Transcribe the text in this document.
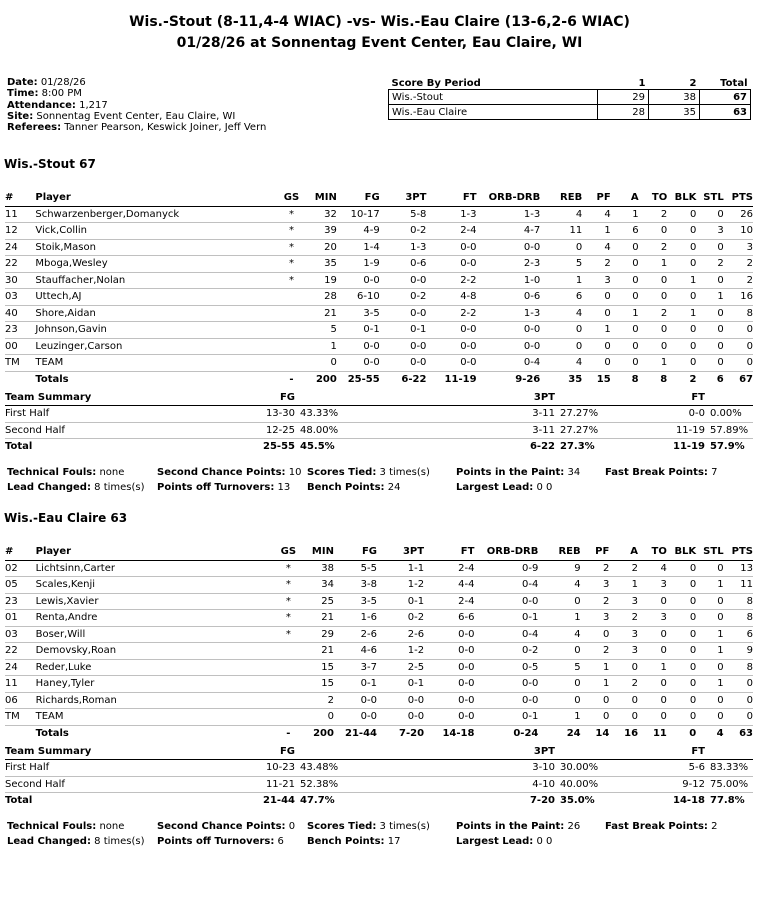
Wis.-Stout (8-11,4-4 WIAC) -vs- Wis.-Eau Claire (13-6,2-6 WIAC)
01/28/26 at Sonnentag Event Center, Eau Claire, WI
Date: 01/28/26
Time: 8:00 PM
Attendance: 1,217
Site: Sonnentag Event Center, Eau Claire, WI
Referees: Tanner Pearson, Keswick Joiner, Jeff Vern
Score By Period	1	2	Total
Wis.-Stout	29	38	67
Wis.-Eau Claire	28	35	63
Wis.-Stout 67
#	Player	GS	MIN	FG	3PT	FT	ORB-DRB	REB	PF	A	TO	BLK	STL	PTS
11	Schwarzenberger,Domanyck	*	32	10-17	5-8	1-3	1-3	4	4	1	2	0	0	26
12	Vick,Collin	*	39	4-9	0-2	2-4	4-7	11	1	6	0	0	3	10
24	Stoik,Mason	*	20	1-4	1-3	0-0	0-0	0	4	0	2	0	0	3
22	Mboga,Wesley	*	35	1-9	0-6	0-0	2-3	5	2	0	1	0	2	2
30	Stauffacher,Nolan	*	19	0-0	0-0	2-2	1-0	1	3	0	0	1	0	2
03	Uttech,AJ		28	6-10	0-2	4-8	0-6	6	0	0	0	0	1	16
40	Shore,Aidan		21	3-5	0-0	2-2	1-3	4	0	1	2	1	0	8
23	Johnson,Gavin		5	0-1	0-1	0-0	0-0	0	1	0	0	0	0	0
00	Leuzinger,Carson		1	0-0	0-0	0-0	0-0	0	0	0	0	0	0	0
TM	TEAM		0	0-0	0-0	0-0	0-4	4	0	0	1	0	0	0
	Totals	-	200	25-55	6-22	11-19	9-26	35	15	8	8	2	6	67
Team Summary	FG		3PT		FT	
First Half	13-30	43.33%	3-11	27.27%	0-0	0.00%
Second Half	12-25	48.00%	3-11	27.27%	11-19	57.89%
Total	25-55	45.5%	6-22	27.3%	11-19	57.9%
Technical Fouls: none	Second Chance Points: 10 Scores Tied: 3 times(s)	Points in the Paint: 34 Fast Break Points: 7
Lead Changed: 8 times(s) Points off Turnovers: 13 Bench Points: 24	Largest Lead: 0 0
Wis.-Eau Claire 63
#	Player	GS	MIN	FG	3PT	FT	ORB-DRB	REB	PF	A	TO	BLK	STL	PTS
02	Lichtsinn,Carter	*	38	5-5	1-1	2-4	0-9	9	2	2	4	0	0	13
05	Scales,Kenji	*	34	3-8	1-2	4-4	0-4	4	3	1	3	0	1	11
23	Lewis,Xavier	*	25	3-5	0-1	2-4	0-0	0	2	3	0	0	0	8
01	Renta,Andre	*	21	1-6	0-2	6-6	0-1	1	3	2	3	0	0	8
03	Boser,Will	*	29	2-6	2-6	0-0	0-4	4	0	3	0	0	1	6
22	Demovsky,Roan		21	4-6	1-2	0-0	0-2	0	2	3	0	0	1	9
24	Reder,Luke		15	3-7	2-5	0-0	0-5	5	1	0	1	0	0	8
11	Haney,Tyler		15	0-1	0-1	0-0	0-0	0	1	2	0	0	1	0
06	Richards,Roman		2	0-0	0-0	0-0	0-0	0	0	0	0	0	0	0
TM	TEAM		0	0-0	0-0	0-0	0-1	1	0	0	0	0	0	0
	Totals	-	200	21-44	7-20	14-18	0-24	24	14	16	11	0	4	63
Team Summary	FG		3PT		FT	
First Half	10-23	43.48%	3-10	30.00%	5-6	83.33%
Second Half	11-21	52.38%	4-10	40.00%	9-12	75.00%
Total	21-44	47.7%	7-20	35.0%	14-18	77.8%
Technical Fouls: none	Second Chance Points: 0 Scores Tied: 3 times(s)	Points in the Paint: 26 Fast Break Points: 2
Lead Changed: 8 times(s) Points off Turnovers: 6 Bench Points: 17	Largest Lead: 0 0
